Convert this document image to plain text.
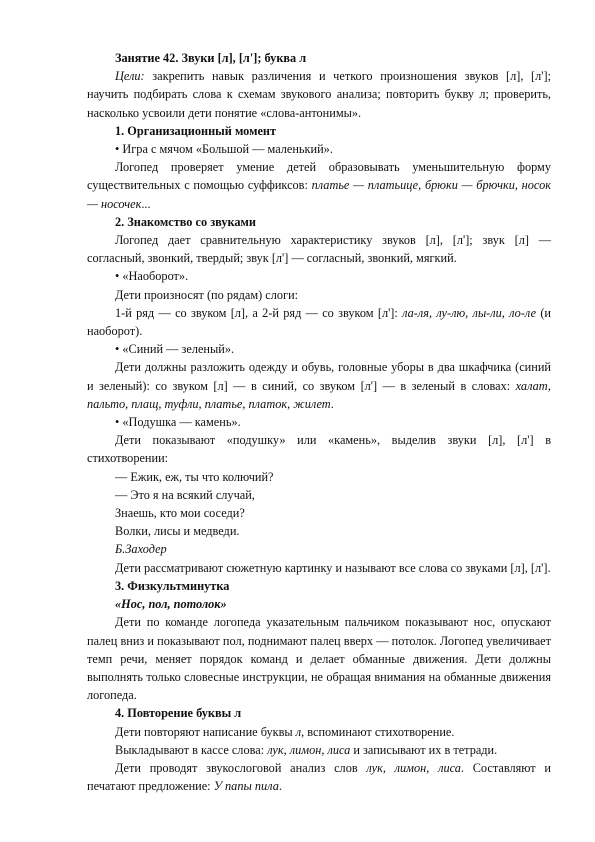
Занятие 42. Звуки [л], [л']; буква л

Цели: закрепить навык различения и четкого произношения звуков [л], [л']; научить подбирать слова к схемам звукового анализа; повторить букву л; проверить, насколько усвоили дети понятие «слова-антонимы».

1. Организационный момент

• Игра с мячом «Большой — маленький».

Логопед проверяет умение детей образовывать уменьшительную форму существительных с помощью суффиксов: платье — платьице, брюки — брючки, носок — носочек...

2. Знакомство со звуками

Логопед дает сравнительную характеристику звуков [л], [л']; звук [л] — согласный, звонкий, твердый; звук [л'] — согласный, звонкий, мягкий.

• «Наоборот».

Дети произносят (по рядам) слоги:

1-й ряд — со звуком [л], а 2-й ряд — со звуком [л']: ла-ля, лу-лю, лы-ли, ло-ле (и наоборот).

• «Синий — зеленый».

Дети должны разложить одежду и обувь, головные уборы в два шкафчика (синий и зеленый): со звуком [л] — в синий, со звуком [л'] — в зеленый в словах: халат, пальто, плащ, туфли, платье, платок, жилет.

• «Подушка — камень».

Дети показывают «подушку» или «камень», выделив звуки [л], [л'] в стихотворении:

— Ежик, еж, ты что колючий?

— Это я на всякий случай,

Знаешь, кто мои соседи?

Волки, лисы и медведи.

Б.Заходер

Дети рассматривают сюжетную картинку и называют все слова со звуками [л], [л'].

3. Физкультминутка

«Нос, пол, потолок»

Дети по команде логопеда указательным пальчиком показывают нос, опускают палец вниз и показывают пол, поднимают палец вверх — потолок. Логопед увеличивает темп речи, меняет порядок команд и делает обманные движения. Дети должны выполнять только словесные инструкции, не обращая внимания на обманные движения логопеда.

4. Повторение буквы л

Дети повторяют написание буквы л, вспоминают стихотворение.

Выкладывают в кассе слова: лук, лимон, лиса и записывают их в тетради.

Дети проводят звукослоговой анализ слов лук, лимон, лиса. Составляют и печатают предложение: У папы пила.
